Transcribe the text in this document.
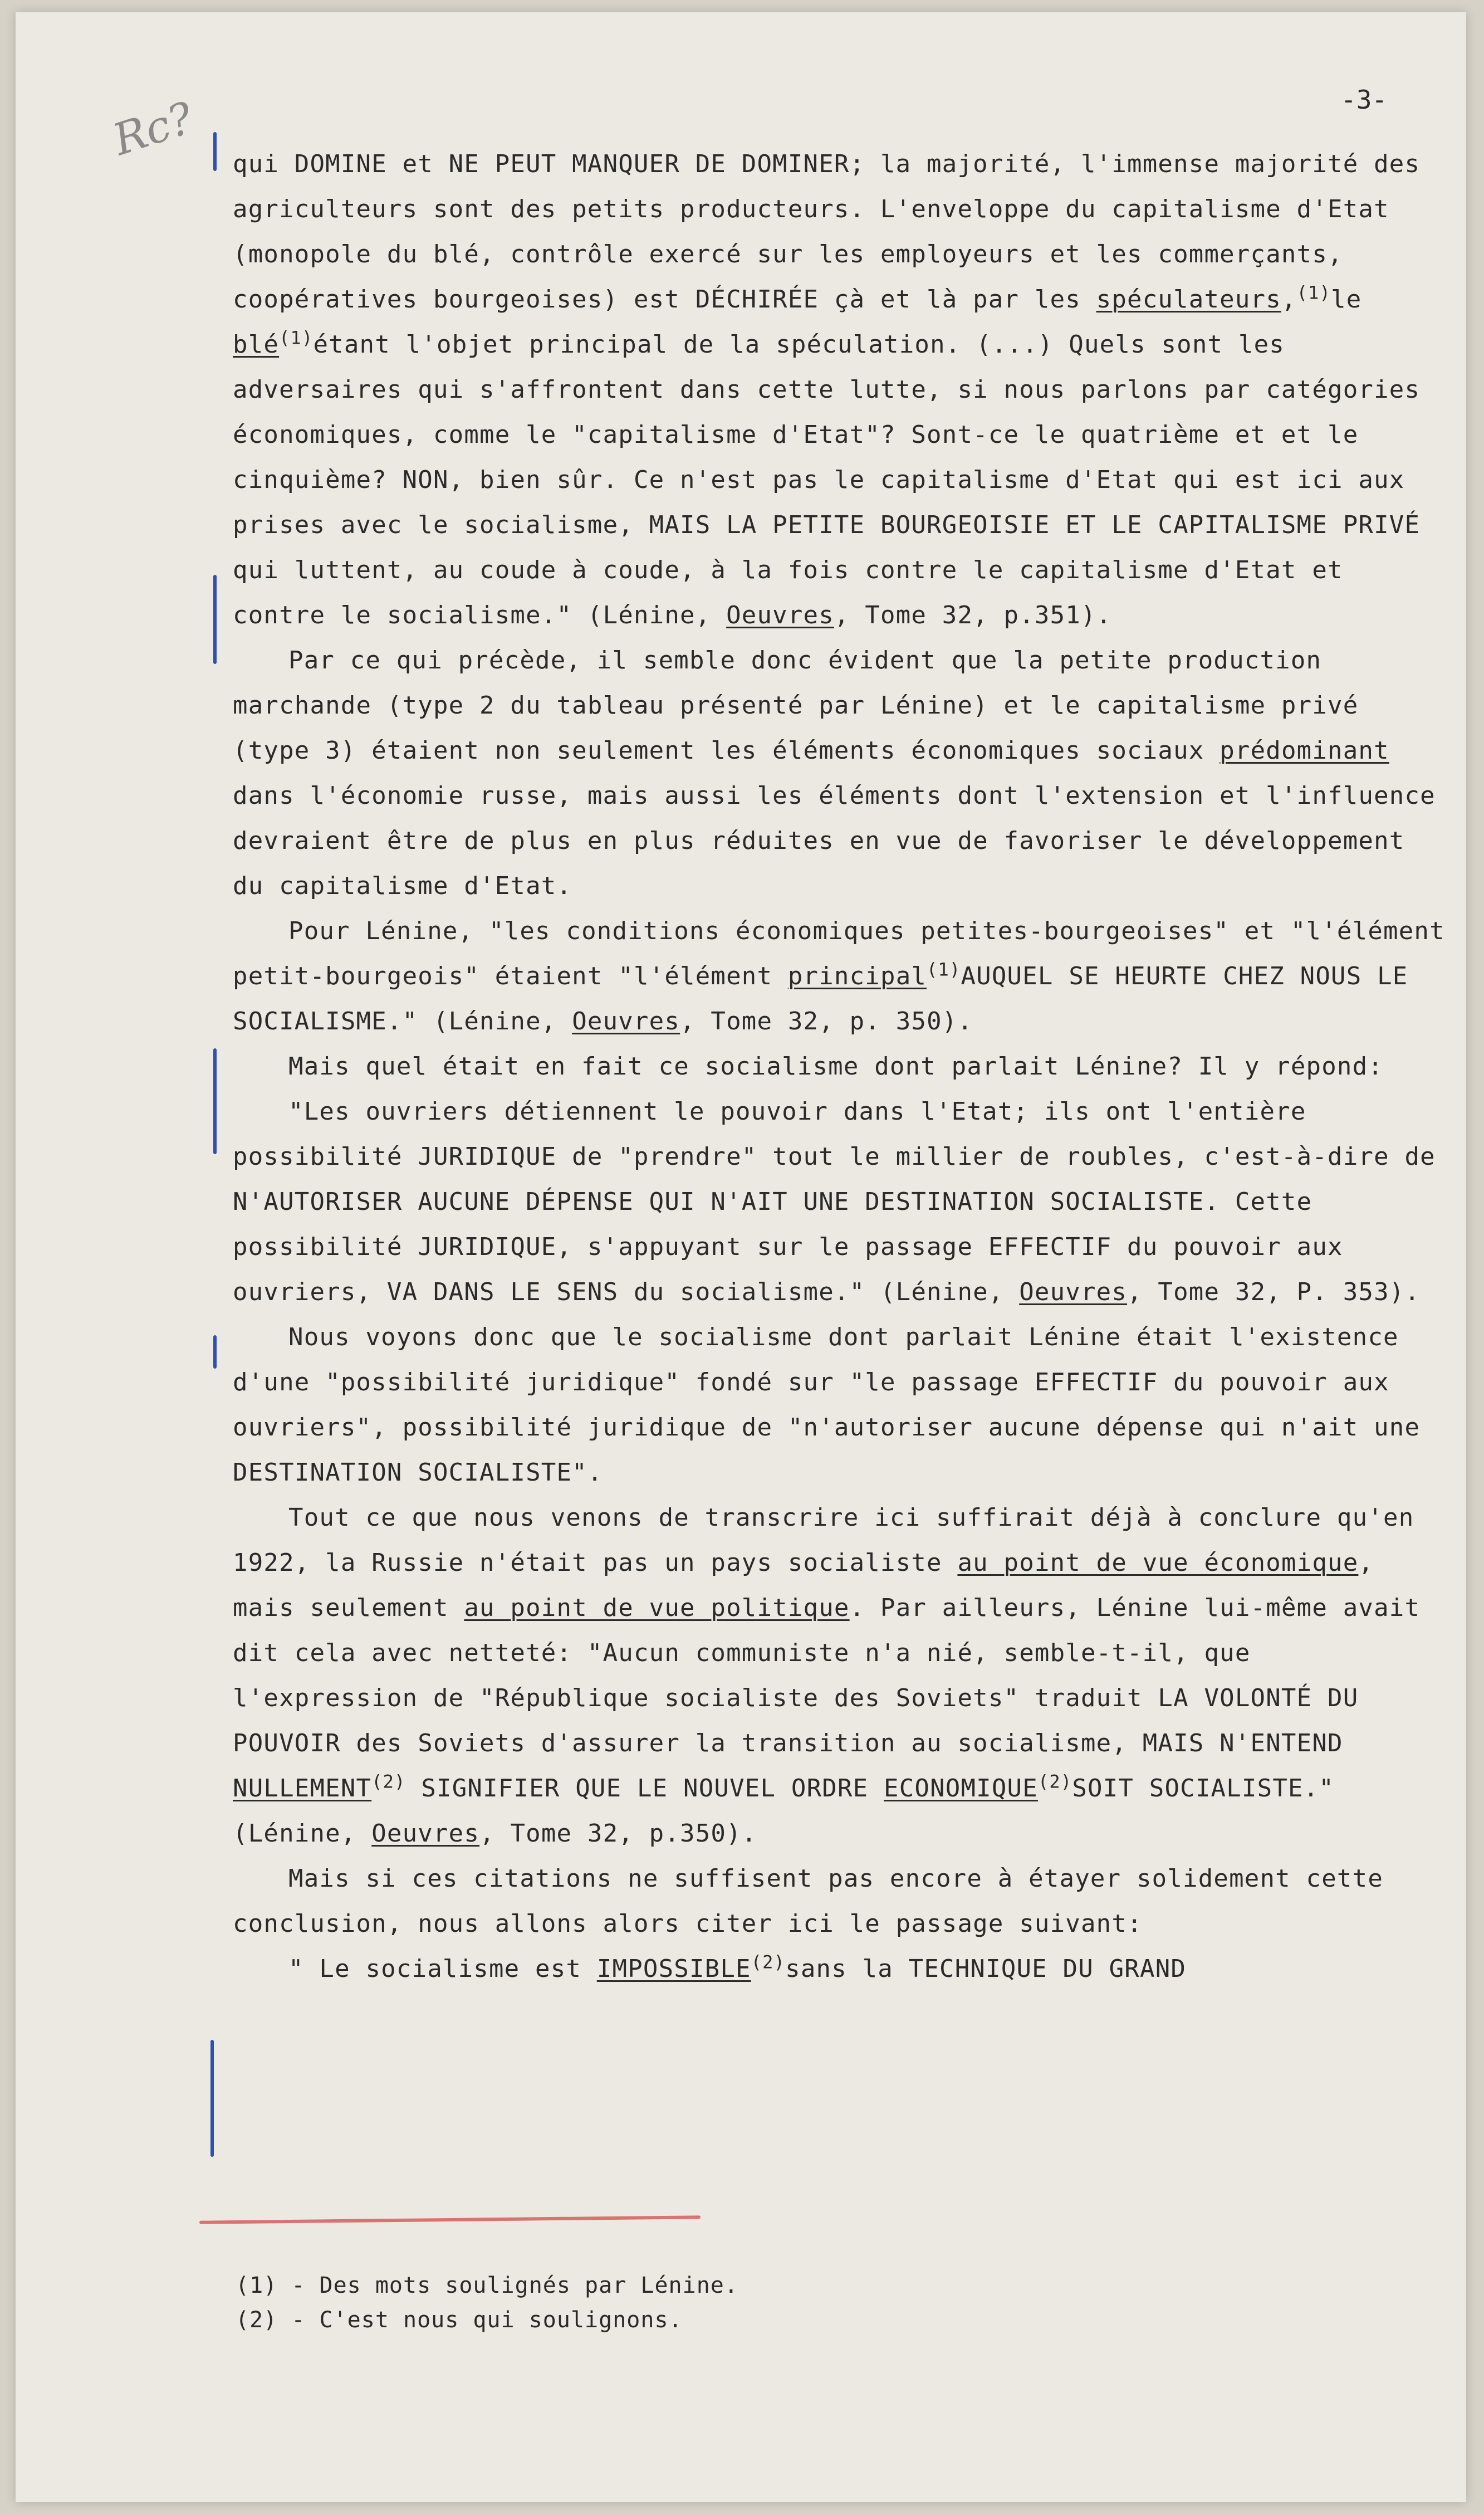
-3-
Rc? qui DOMINE et NE PEUT MANQUER DE DOMINER; la majorité, l'immense majorité des agriculteurs sont des petits producteurs. L'enveloppe du capitalisme d'Etat (monopole du blé, contrôle exercé sur les employeurs et les commerçants, coopératives bourgeoises) est DÉCHIRÉE çà et là par les spéculateurs,$^{(1)}$le blé$^{(1)}$étant l'objet principal de la spéculation. (...) Quels sont les adversaires qui s'affrontent dans cette lutte, si nous parlons par catégories économiques, comme le "capitalisme d'Etat"? Sont-ce le quatrième et et le cinquième? NON, bien sûr. Ce n'est pas le capitalisme d'Etat qui est ici aux prises avec le socialisme, MAIS LA PETITE BOURGEOISIE ET LE CAPITALISME PRIVÉ qui luttent, au coude à coude, à la fois contre le capitalisme d'Etat et contre le socialisme." (Lénine, Oeuvres, Tome 32, p.351).

Par ce qui précède, il semble donc évident que la petite production marchande (type 2 du tableau présenté par Lénine) et le capitalisme privé (type 3) étaient non seulement les éléments économiques sociaux prédominant dans l'économie russe, mais aussi les éléments dont l'extension et l'influence devraient être de plus en plus réduites en vue de favoriser le développement du capitalisme d'Etat.

Pour Lénine, "les conditions économiques petites-bourgeoises" et "l'élément petit-bourgeois" étaient "l'élément principal$^{(1)}$AUQUEL SE HEURTE CHEZ NOUS LE SOCIALISME." (Lénine, Oeuvres, Tome 32, p. 350).

Mais quel était en fait ce socialisme dont parlait Lénine? Il y répond:

"Les ouvriers détiennent le pouvoir dans l'Etat; ils ont l'entière possibilité JURIDIQUE de "prendre" tout le millier de roubles, c'est-à-dire de N'AUTORISER AUCUNE DÉPENSE QUI N'AIT UNE DESTINATION SOCIALISTE. Cette possibilité JURIDIQUE, s'appuyant sur le passage EFFECTIF du pouvoir aux ouvriers, VA DANS LE SENS du socialisme." (Lénine, Oeuvres, Tome 32, P. 353).

Nous voyons donc que le socialisme dont parlait Lénine était l'existence d'une "possibilité juridique" fondé sur "le passage EFFECTIF du pouvoir aux ouvriers", possibilité juridique de "n'autoriser aucune dépense qui n'ait une DESTINATION SOCIALISTE".

Tout ce que nous venons de transcrire ici suffirait déjà à conclure qu'en 1922, la Russie n'était pas un pays socialiste au point de vue économique, mais seulement au point de vue politique. Par ailleurs, Lénine lui-même avait dit cela avec netteté: "Aucun communiste n'a nié, semble-t-il, que l'expression de "République socialiste des Soviets" traduit LA VOLONTÉ DU POUVOIR des Soviets d'assurer la transition au socialisme, MAIS N'ENTEND NULLEMENT$^{(2)}$ SIGNIFIER QUE LE NOUVEL ORDRE ECONOMIQUE$^{(2)}$SOIT SOCIALISTE."(Lénine, Oeuvres, Tome 32, p.350).

Mais si ces citations ne suffisent pas encore à étayer solidement cette conclusion, nous allons alors citer ici le passage suivant:

" Le socialisme est IMPOSSIBLE$^{(2)}$sans la TECHNIQUE DU GRAND

(1) - Des mots soulignés par Lénine.
(2) - C'est nous qui soulignons.
